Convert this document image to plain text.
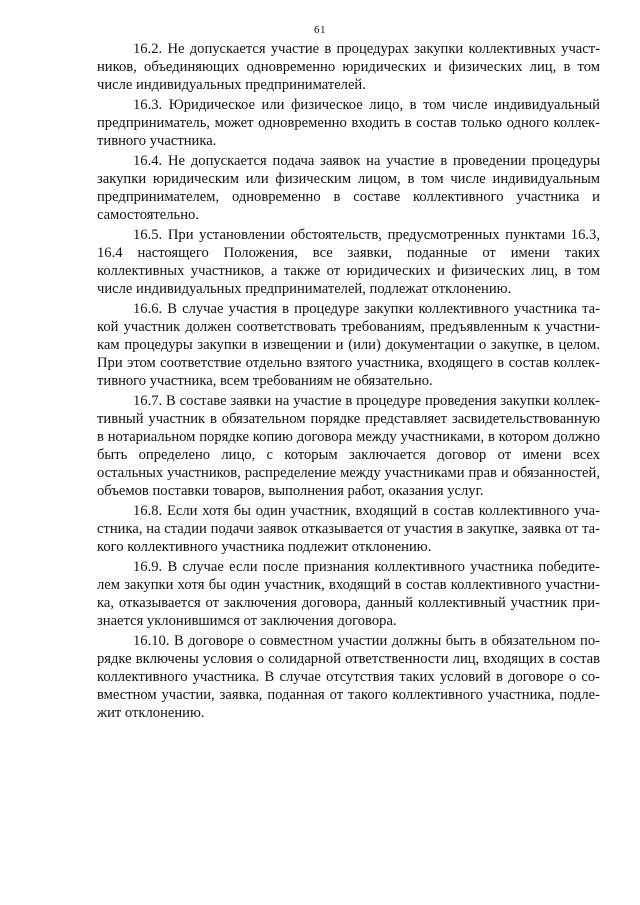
61

16.2. Не допускается участие в процедурах закупки коллективных участников, объединяющих одновременно юридических и физических лиц, в том числе индивидуальных предпринимателей.

16.3. Юридическое или физическое лицо, в том числе индивидуальный предприниматель, может одновременно входить в состав только одного коллективного участника.

16.4. Не допускается подача заявок на участие в проведении процедуры закупки юридическим или физическим лицом, в том числе индивидуальным предпринимателем, одновременно в составе коллективного участника и самостоятельно.

16.5. При установлении обстоятельств, предусмотренных пунктами 16.3, 16.4 настоящего Положения, все заявки, поданные от имени таких коллективных участников, а также от юридических и физических лиц, в том числе индивидуальных предпринимателей, подлежат отклонению.

16.6. В случае участия в процедуре закупки коллективного участника такой участник должен соответствовать требованиям, предъявленным к участникам процедуры закупки в извещении и (или) документации о закупке, в целом. При этом соответствие отдельно взятого участника, входящего в состав коллективного участника, всем требованиям не обязательно.

16.7. В составе заявки на участие в процедуре проведения закупки коллективный участник в обязательном порядке представляет засвидетельствованную в нотариальном порядке копию договора между участниками, в котором должно быть определено лицо, с которым заключается договор от имени всех остальных участников, распределение между участниками прав и обязанностей, объемов поставки товаров, выполнения работ, оказания услуг.

16.8. Если хотя бы один участник, входящий в состав коллективного участника, на стадии подачи заявок отказывается от участия в закупке, заявка от такого коллективного участника подлежит отклонению.

16.9. В случае если после признания коллективного участника победителем закупки хотя бы один участник, входящий в состав коллективного участника, отказывается от заключения договора, данный коллективный участник признается уклонившимся от заключения договора.

16.10. В договоре о совместном участии должны быть в обязательном порядке включены условия о солидарной ответственности лиц, входящих в состав коллективного участника. В случае отсутствия таких условий в договоре о совместном участии, заявка, поданная от такого коллективного участника, подлежит отклонению.
